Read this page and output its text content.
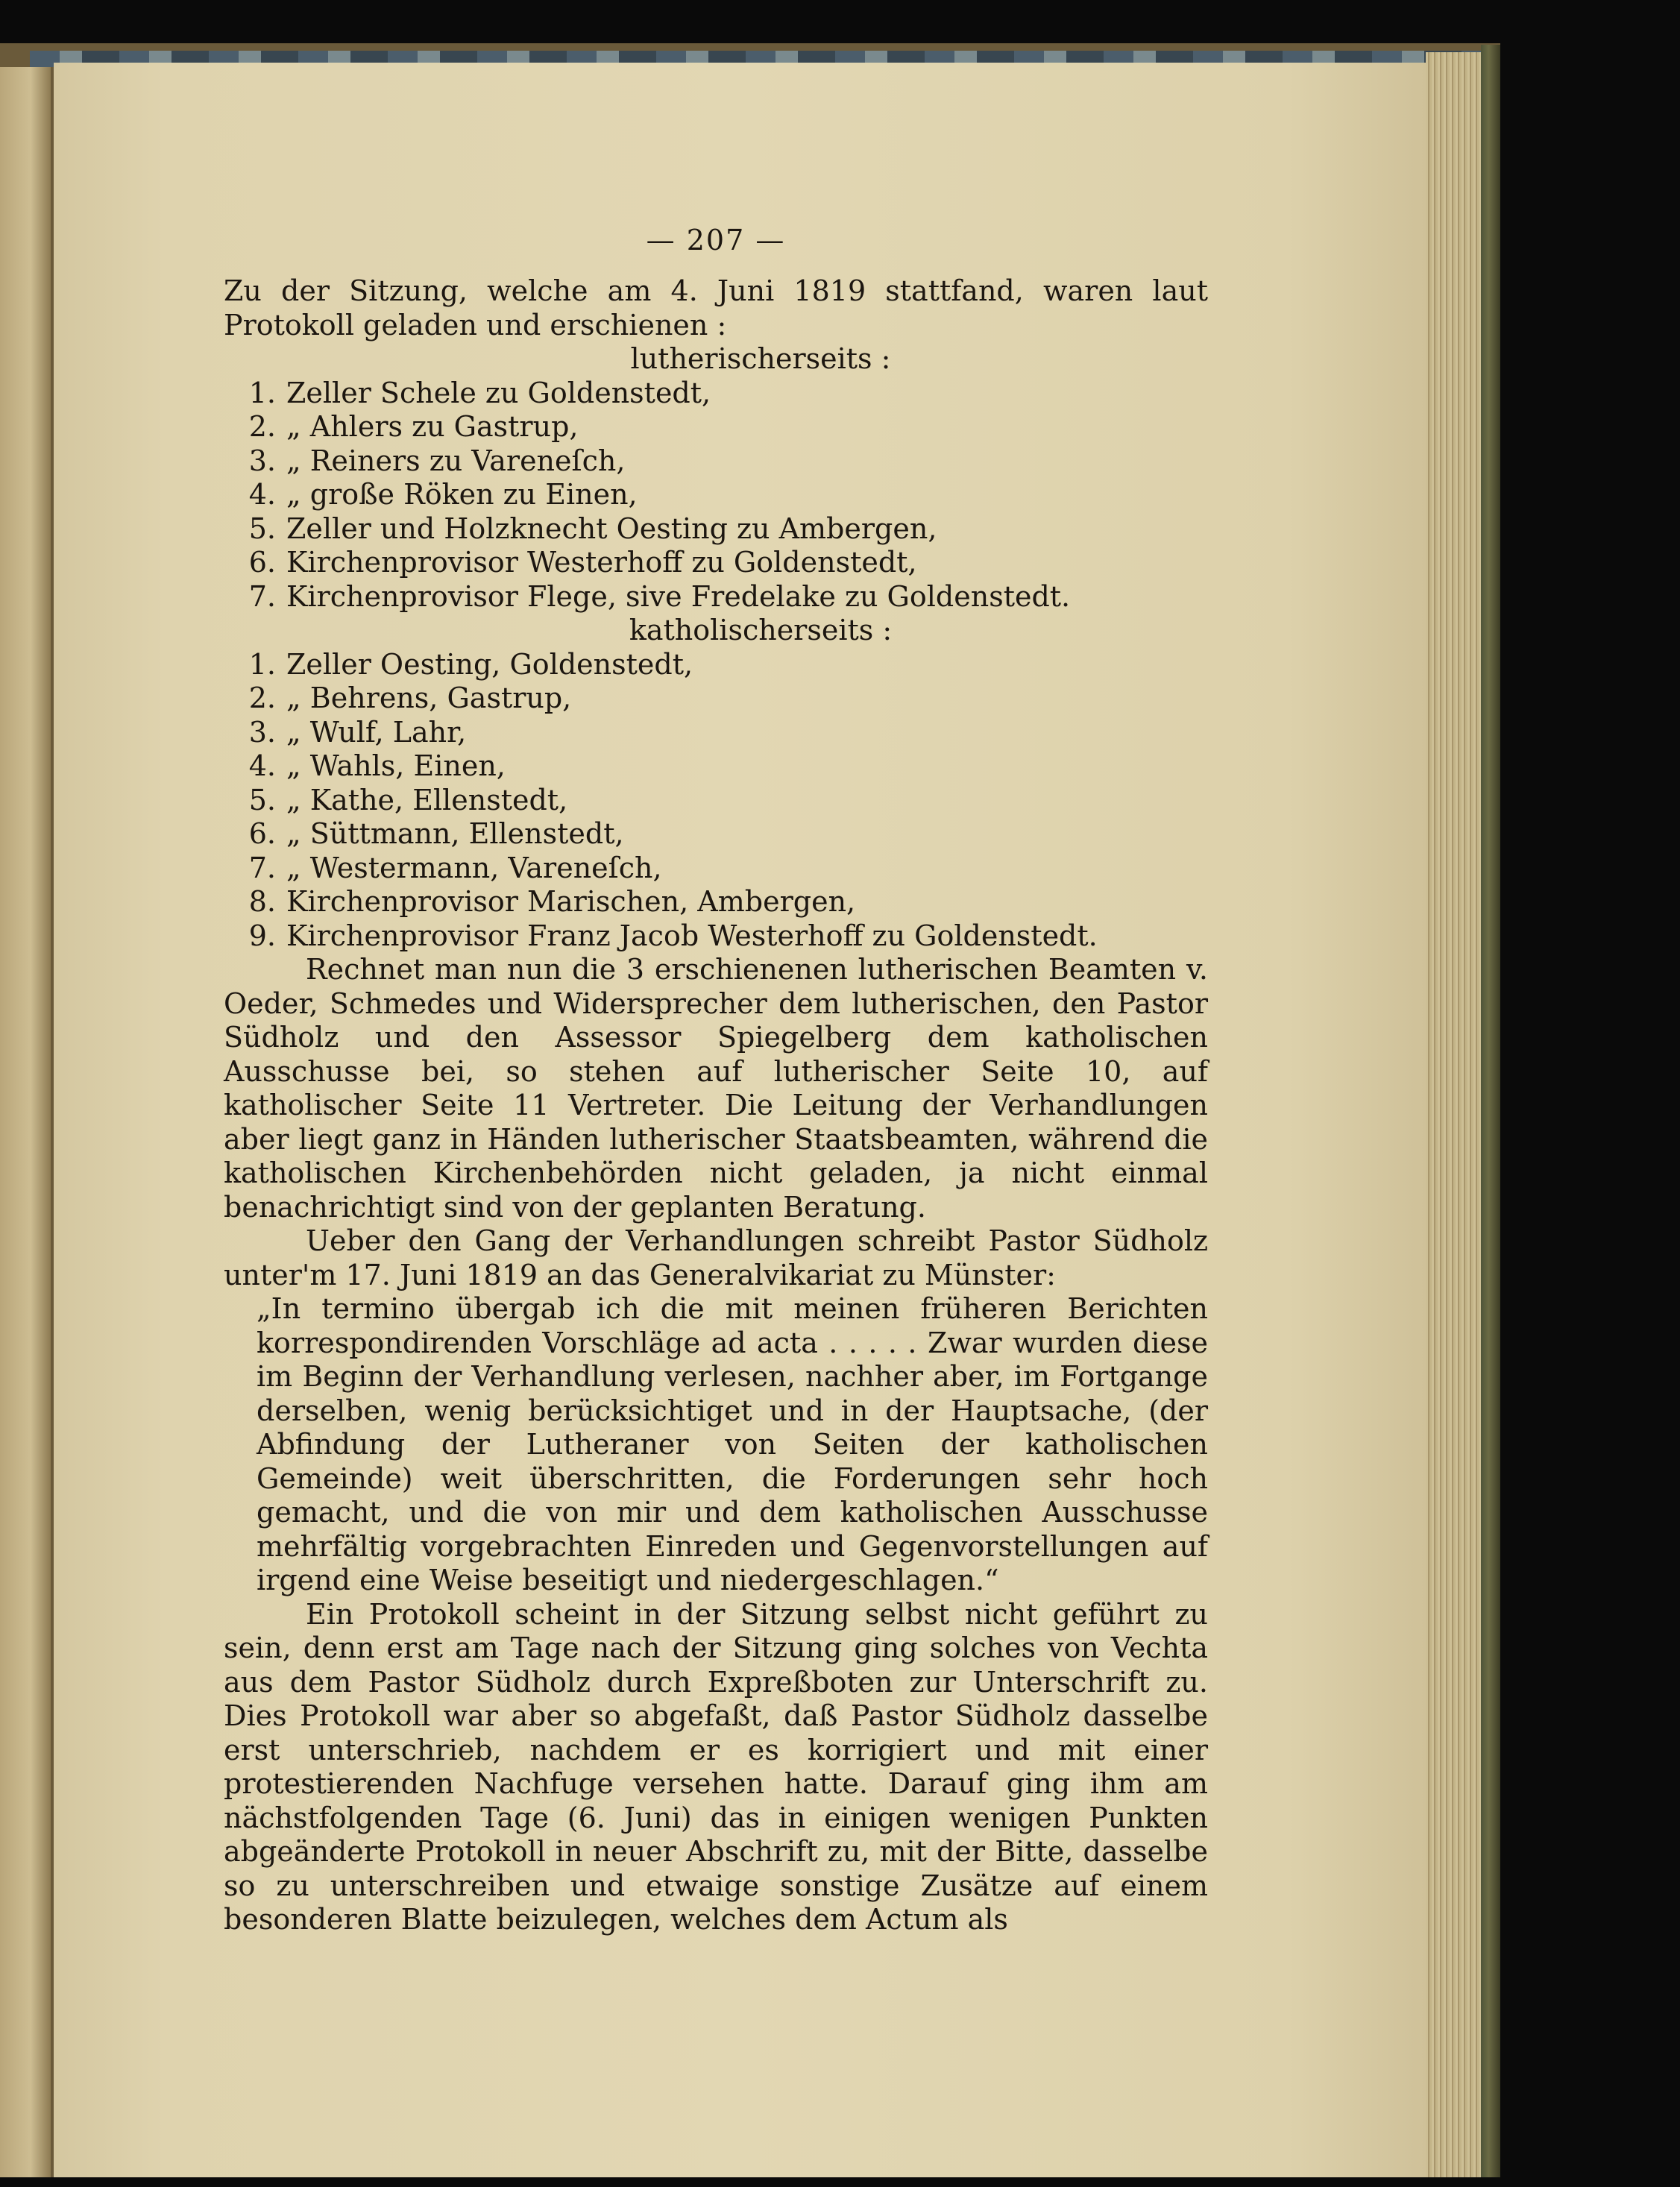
— 207 —
Zu der Sitzung, welche am 4. Juni 1819 stattfand, waren laut Protokoll geladen und erschienen :
lutherischerseits :
1. Zeller Schele zu Goldenstedt,
2. „ Ahlers zu Gastrup,
3. „ Reiners zu Vareneſch,
4. „ große Röken zu Einen,
5. Zeller und Holzknecht Oesting zu Ambergen,
6. Kirchenprovisor Westerhoff zu Goldenstedt,
7. Kirchenprovisor Flege, sive Fredelake zu Goldenstedt.
katholischerseits :
1. Zeller Oesting, Goldenstedt,
2. „ Behrens, Gastrup,
3. „ Wulf, Lahr,
4. „ Wahls, Einen,
5. „ Kathe, Ellenstedt,
6. „ Süttmann, Ellenstedt,
7. „ Westermann, Vareneſch,
8. Kirchenprovisor Marischen, Ambergen,
9. Kirchenprovisor Franz Jacob Westerhoff zu Goldenstedt.
Rechnet man nun die 3 erschienenen lutherischen Beamten v. Oeder, Schmedes und Widersprecher dem lutherischen, den Pastor Südholz und den Assessor Spiegelberg dem katholischen Ausschusse bei, so stehen auf lutherischer Seite 10, auf katholischer Seite 11 Vertreter. Die Leitung der Verhandlungen aber liegt ganz in Händen lutherischer Staatsbeamten, während die katholischen Kirchenbehörden nicht geladen, ja nicht einmal benachrichtigt sind von der geplanten Beratung.
Ueber den Gang der Verhandlungen schreibt Pastor Südholz unter'm 17. Juni 1819 an das Generalvikariat zu Münster:
„In termino übergab ich die mit meinen früheren Berichten korrespondirenden Vorschläge ad acta . . . . . Zwar wurden diese im Beginn der Verhandlung verlesen, nachher aber, im Fortgange derselben, wenig berücksichtiget und in der Hauptsache, (der Abfindung der Lutheraner von Seiten der katholischen Gemeinde) weit überschritten, die Forderungen sehr hoch gemacht, und die von mir und dem katholischen Ausschusse mehrfältig vorgebrachten Einreden und Gegenvorstellungen auf irgend eine Weise beseitigt und niedergeschlagen.“
Ein Protokoll scheint in der Sitzung selbst nicht geführt zu sein, denn erst am Tage nach der Sitzung ging solches von Vechta aus dem Pastor Südholz durch Expreßboten zur Unterschrift zu. Dies Protokoll war aber so abgefaßt, daß Pastor Südholz dasselbe erst unterschrieb, nachdem er es korrigiert und mit einer protestierenden Nachfuge versehen hatte. Darauf ging ihm am nächstfolgenden Tage (6. Juni) das in einigen wenigen Punkten abgeänderte Protokoll in neuer Abschrift zu, mit der Bitte, dasselbe so zu unterschreiben und etwaige sonstige Zusätze auf einem besonderen Blatte beizulegen, welches dem Actum als
